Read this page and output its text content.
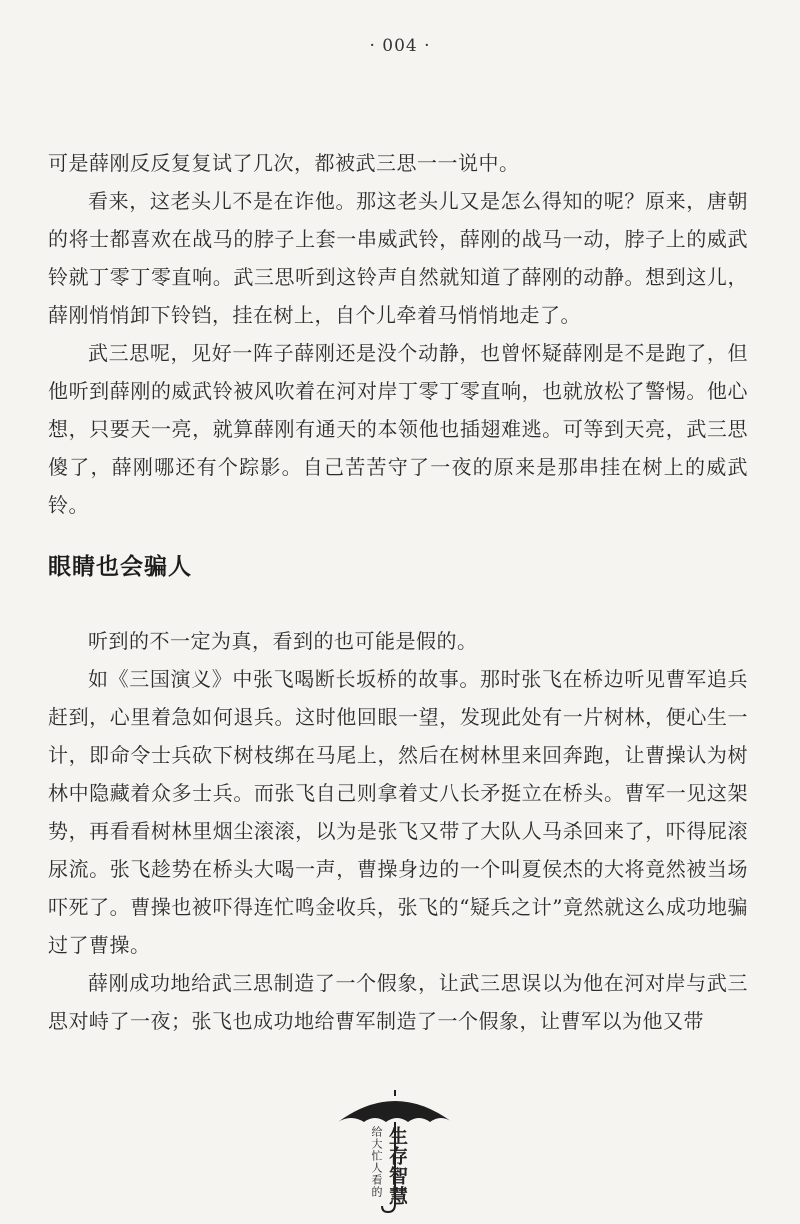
· 004 ·

可是薛刚反反复复试了几次，都被武三思一一说中。

看来，这老头儿不是在诈他。那这老头儿又是怎么得知的呢？原来，唐朝的将士都喜欢在战马的脖子上套一串威武铃，薛刚的战马一动，脖子上的威武铃就丁零丁零直响。武三思听到这铃声自然就知道了薛刚的动静。想到这儿，薛刚悄悄卸下铃铛，挂在树上，自个儿牵着马悄悄地走了。

武三思呢，见好一阵子薛刚还是没个动静，也曾怀疑薛刚是不是跑了，但他听到薛刚的威武铃被风吹着在河对岸丁零丁零直响，也就放松了警惕。他心想，只要天一亮，就算薛刚有通天的本领他也插翅难逃。可等到天亮，武三思傻了，薛刚哪还有个踪影。自己苦苦守了一夜的原来是那串挂在树上的威武铃。

眼睛也会骗人

听到的不一定为真，看到的也可能是假的。

如《三国演义》中张飞喝断长坂桥的故事。那时张飞在桥边听见曹军追兵赶到，心里着急如何退兵。这时他回眼一望，发现此处有一片树林，便心生一计，即命令士兵砍下树枝绑在马尾上，然后在树林里来回奔跑，让曹操认为树林中隐藏着众多士兵。而张飞自己则拿着丈八长矛挺立在桥头。曹军一见这架势，再看看树林里烟尘滚滚，以为是张飞又带了大队人马杀回来了，吓得屁滚尿流。张飞趁势在桥头大喝一声，曹操身边的一个叫夏侯杰的大将竟然被当场吓死了。曹操也被吓得连忙鸣金收兵，张飞的“疑兵之计”竟然就这么成功地骗过了曹操。

薛刚成功地给武三思制造了一个假象，让武三思误以为他在河对岸与武三思对峙了一夜；张飞也成功地给曹军制造了一个假象，让曹军以为他又带

给大忙人看的 生存智慧
